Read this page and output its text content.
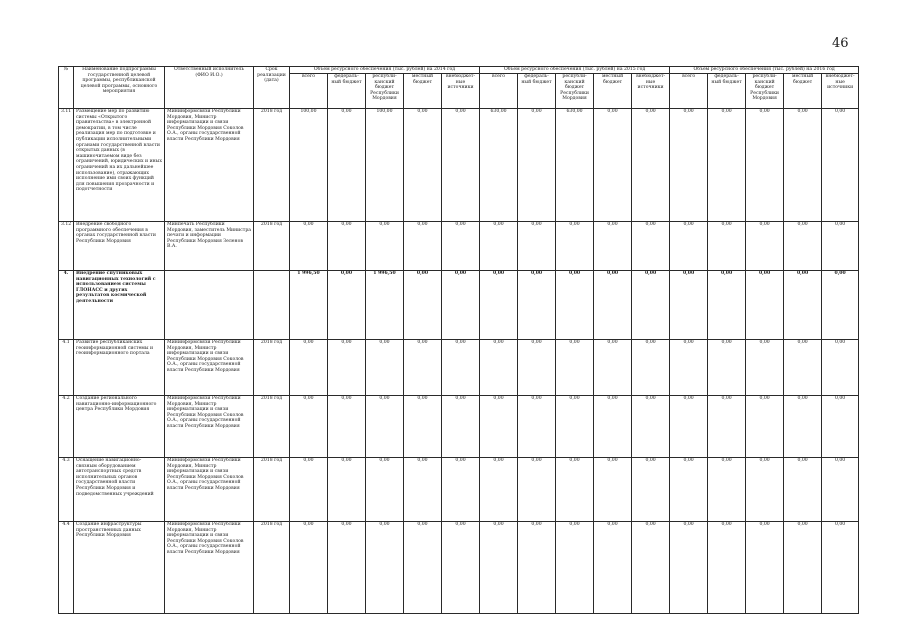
46
№	Наименование подпрограммы государственной целевой программы, республиканской целевой программы, основного мероприятия	Ответственный исполнитель (ФИО И.О.)	Срок реализации (дата)	Объем ресурсного обеспечения (тыс. рублей) на 2014 год					Объем ресурсного обеспечения (тыс. рублей) на 2015 год					Объем ресурсного обеспечения (тыс. рублей) на 2016 год				
				всего	федераль-ный бюджет	республи-канский бюджет Республики Мордовия	местный бюджет	внебюджет-ные источники	всего	федераль-ный бюджет	республи-канский бюджет Республики Мордовия	местный бюджет	внебюджет-ные источники	всего	федераль-ный бюджет	республи-канский бюджет Республики Мордовия	местный бюджет	внебюджет-ные источники
3.11	Размещение мер по развитию системы «Открытого правительства» в электронной демократии, в том числе реализация мер по подготовке и публикации исполнительными органами государственной власти открытых данных (в машиночитаемом виде без ограничений, юридических и иных ограничений на их дальнейшее использование), отражающих исполнение ими своих функций для повышения прозрачности и подотчетности	Мининформсвязи Республики Мордовия, Министр информатизации и связи Республики Мордовия Соколов О.А., органы государственной власти Республики Мордовия	2018 год	100,00	0,00	100,00	0,00	0,00	630,00	0,00	630,00	0,00	0,00	0,00	0,00	0,00	0,00	0,00
3.12	Внедрение свободного программного обеспечения в органах государственной власти Республики Мордовия	Минпечать Республики Мордовия, заместитель Министра печати и информации Республики Мордовия Зеленов В.А.	2018 год	0,00	0,00	0,00	0,00	0,00	0,00	0,00	0,00	0,00	0,00	0,00	0,00	0,00	0,00	0,00
4.	Внедрение спутниковых навигационных технологий с использованием системы ГЛОНАСС и других результатов космической деятельности			1 996,50	0,00	1 996,50	0,00	0,00	0,00	0,00	0,00	0,00	0,00	0,00	0,00	0,00	0,00	0,00
4.1	Развитие республиканских геоинформационной системы и геоинформационного портала	Мининформсвязи Республики Мордовия, Министр информатизации и связи Республики Мордовия Соколов О.А., органы государственной власти Республики Мордовия	2018 год	0,00	0,00	0,00	0,00	0,00	0,00	0,00	0,00	0,00	0,00	0,00	0,00	0,00	0,00	0,00
4.2	Создание регионального навигационно-информационного центра Республики Мордовия	Мининформсвязи Республики Мордовия, Министр информатизации и связи Республики Мордовия Соколов О.А., органы государственной власти Республики Мордовия	2018 год	0,00	0,00	0,00	0,00	0,00	0,00	0,00	0,00	0,00	0,00	0,00	0,00	0,00	0,00	0,00
4.3	Оснащение навигационно-связным оборудованием автотранспортных средств исполнительных органов государственной власти Республики Мордовия и подведомственных учреждений	Мининформсвязи Республики Мордовия, Министр информатизации и связи Республики Мордовия Соколов О.А., органы государственной власти Республики Мордовия	2018 год	0,00	0,00	0,00	0,00	0,00	0,00	0,00	0,00	0,00	0,00	0,00	0,00	0,00	0,00	0,00
4.4	Создание инфраструктуры пространственных данных Республики Мордовия	Мининформсвязи Республики Мордовия, Министр информатизации и связи Республики Мордовия Соколов О.А., органы государственной власти Республики Мордовия	2018 год	0,00	0,00	0,00	0,00	0,00	0,00	0,00	0,00	0,00	0,00	0,00	0,00	0,00	0,00	0,00
